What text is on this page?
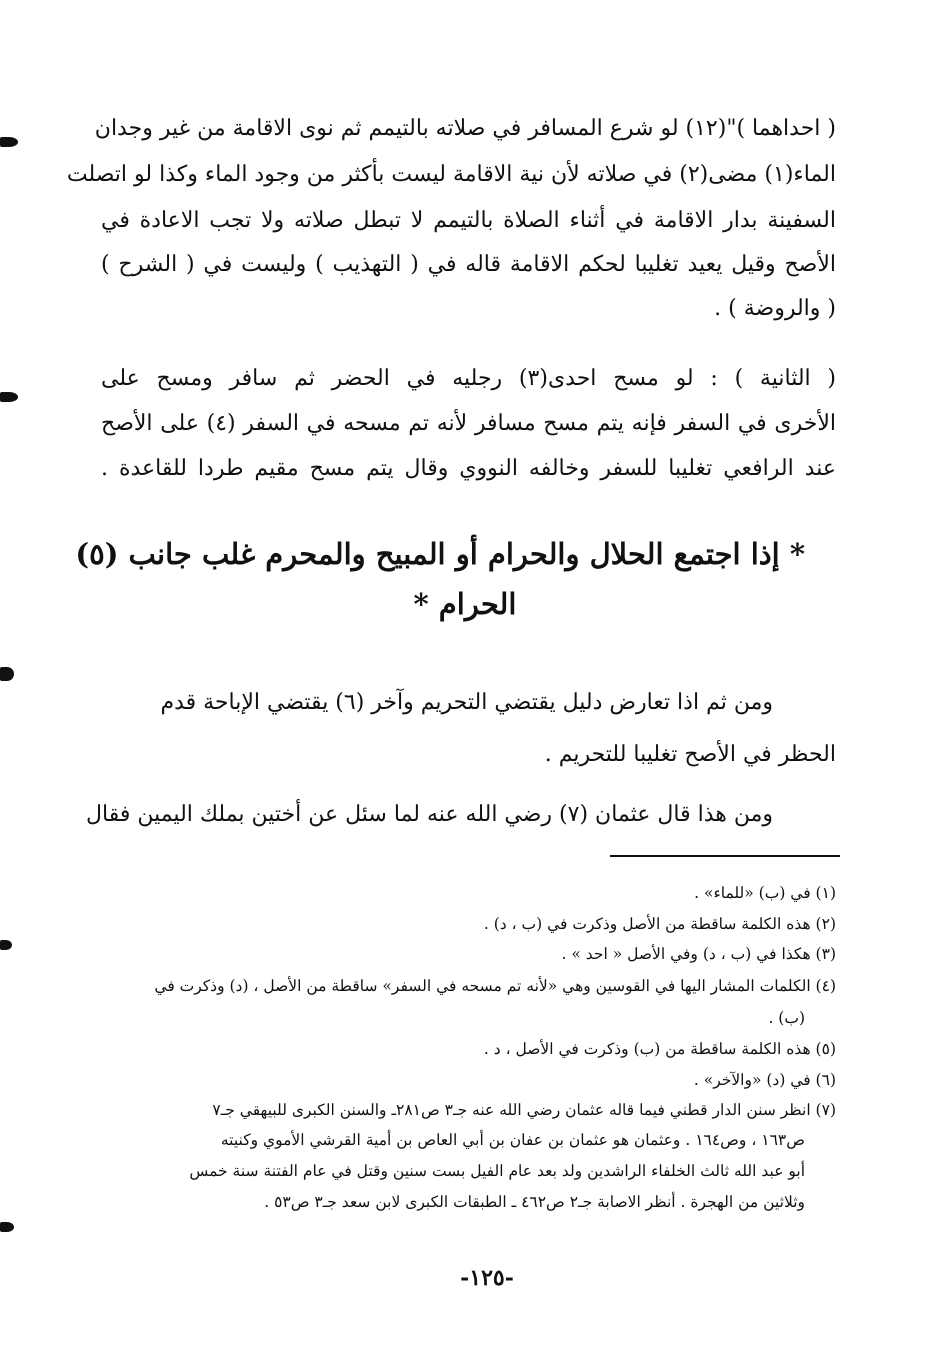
( احداهما )"(١٢) لو شرع المسافر في صلاته بالتيمم ثم نوى الاقامة من غير وجدان
الماء(١) مضى(٢) في صلاته لأن نية الاقامة ليست بأكثر من وجود الماء وكذا لو اتصلت
السفينة بدار الاقامة في أثناء الصلاة بالتيمم لا تبطل صلاته ولا تجب الاعادة في
الأصح وقيل يعيد تغليبا لحكم الاقامة قاله في ( التهذيب ) وليست في ( الشرح )
( والروضة ) .
( الثانية ) : لو مسح احدى(٣) رجليه في الحضر ثم سافر ومسح على
الأخرى في السفر فإنه يتم مسح مسافر لأنه تم مسحه في السفر (٤) على الأصح
عند الرافعي تغليبا للسفر وخالفه النووي وقال يتم مسح مقيم طردا للقاعدة .
* إذا اجتمع الحلال والحرام أو المبيح والمحرم غلب جانب (٥)
الحرام *
ومن ثم اذا تعارض دليل يقتضي التحريم وآخر (٦) يقتضي الإباحة قدم
الحظر في الأصح تغليبا للتحريم .
ومن هذا قال عثمان (٧) رضي الله عنه لما سئل عن أختين بملك اليمين فقال
(١) في (ب) «للماء» .
(٢) هذه الكلمة ساقطة من الأصل وذكرت في (ب ، د) .
(٣) هكذا في (ب ، د) وفي الأصل « احد » .
(٤) الكلمات المشار اليها في القوسين وهي «لأنه تم مسحه في السفر» ساقطة من الأصل ، (د) وذكرت في
(ب) .
(٥) هذه الكلمة ساقطة من (ب) وذكرت في الأصل ، د .
(٦) في (د) «والآخر» .
(٧) انظر سنن الدار قطني فيما قاله عثمان رضي الله عنه جـ٣ ص٢٨١ـ والسنن الكبرى للبيهقي جـ٧
ص١٦٣ ، وص١٦٤ . وعثمان هو عثمان بن عفان بن أبي العاص بن أمية القرشي الأموي وكنيته
أبو عبد الله ثالث الخلفاء الراشدين ولد بعد عام الفيل بست سنين وقتل في عام الفتنة سنة خمس
وثلاثين من الهجرة . أنظر الاصابة جـ٢ ص٤٦٢ ـ الطبقات الكبرى لابن سعد جـ٣ ص٥٣ .
-١٢٥-
